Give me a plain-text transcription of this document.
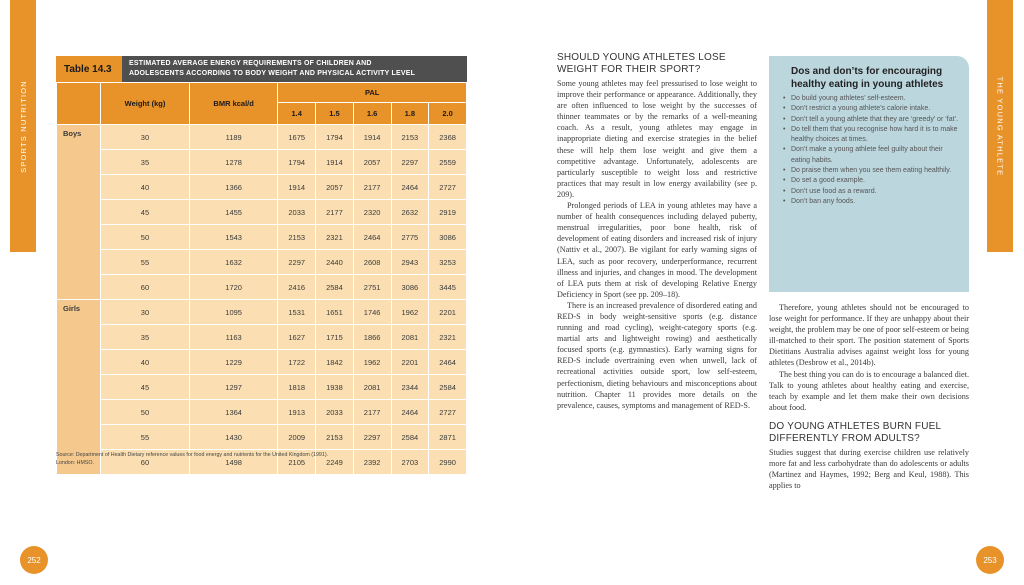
SPORTS NUTRITION
Table 14.3	ESTIMATED AVERAGE ENERGY REQUIREMENTS OF CHILDREN AND
ADOLESCENTS ACCORDING TO BODY WEIGHT AND PHYSICAL ACTIVITY LEVEL
	Weight (kg)	BMR kcal/d	PAL				
			1.4	1.5	1.6	1.8	2.0
Boys	30	1189	1675	1794	1914	2153	2368
	35	1278	1794	1914	2057	2297	2559
	40	1366	1914	2057	2177	2464	2727
	45	1455	2033	2177	2320	2632	2919
	50	1543	2153	2321	2464	2775	3086
	55	1632	2297	2440	2608	2943	3253
	60	1720	2416	2584	2751	3086	3445
Girls	30	1095	1531	1651	1746	1962	2201
	35	1163	1627	1715	1866	2081	2321
	40	1229	1722	1842	1962	2201	2464
	45	1297	1818	1938	2081	2344	2584
	50	1364	1913	2033	2177	2464	2727
	55	1430	2009	2153	2297	2584	2871
	60	1498	2105	2249	2392	2703	2990
Source: Department of Health Dietary reference values for food energy and nutrients for the United Kingdom (1991).
London: HMSO.
252
SHOULD YOUNG ATHLETES LOSE
WEIGHT FOR THEIR SPORT?

Some young athletes may feel pressurised to lose weight to improve their performance or appearance. Additionally, they are often influenced to lose weight by the successes of thinner teammates or by the remarks of a well-meaning coach. As a result, young athletes may engage in inappropriate dieting and exercise strategies in the belief these will help them lose weight and give them a competitive advantage. Unfortunately, adolescents are particularly susceptible to weight loss and restrictive practices that may result in low energy availability (see p. 209).

Prolonged periods of LEA in young athletes may have a number of health consequences including delayed puberty, menstrual irregularities, poor bone health, risk of development of eating disorders and increased risk of injury (Nattiv et al., 2007). Be vigilant for early warning signs of LEA, such as poor recovery, underperformance, recurrent illness and injuries, and changes in mood. The development of LEA puts them at risk of developing Relative Energy Deficiency in Sport (see pp. 209–18).

There is an increased prevalence of disordered eating and RED-S in body weight-sensitive sports (e.g. distance running and road cycling), weight-category sports (e.g. martial arts and lightweight rowing) and aesthetically focused sports (e.g. gymnastics). Early warning signs for RED-S include overtraining even when unwell, lack of recreational activities outside sport, low self-esteem, perfectionism, dieting behaviours and misconceptions about nutrition. Chapter 11 provides more details on the prevalence, causes, symptoms and management of RED-S.

Dos and don’ts for encouraging healthy eating in young athletes
• Do build young athletes’ self-esteem.
• Don’t restrict a young athlete’s calorie intake.
• Don’t tell a young athlete that they are ‘greedy’ or ‘fat’.
• Do tell them that you recognise how hard it is to make healthy choices at times.
• Don’t make a young athlete feel guilty about their eating habits.
• Do praise them when you see them eating healthily.
• Do set a good example.
• Don’t use food as a reward.
• Don’t ban any foods.

Therefore, young athletes should not be encouraged to lose weight for performance. If they are unhappy about their weight, the problem may be one of poor self-esteem or being ill-matched to their sport. The position statement of Sports Dietitians Australia advises against weight loss for young athletes (Desbrow et al., 2014b).

The best thing you can do is to encourage a balanced diet. Talk to young athletes about healthy eating and exercise, teach by example and let them make their own decisions about food.

DO YOUNG ATHLETES BURN FUEL
DIFFERENTLY FROM ADULTS?

Studies suggest that during exercise children use relatively more fat and less carbohydrate than do adolescents or adults (Martinez and Haymes, 1992; Berg and Keul, 1988). This applies to

THE YOUNG ATHLETE
253
